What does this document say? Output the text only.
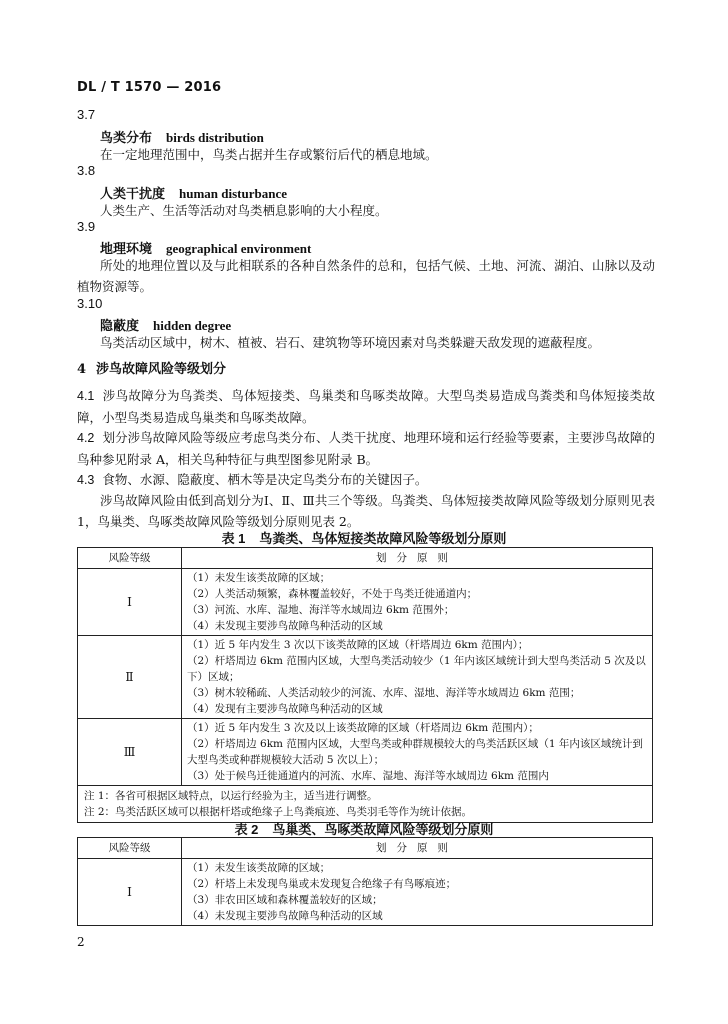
DL / T 1570 — 2016
3.7
鸟类分布 birds distribution
在一定地理范围中，鸟类占据并生存或繁衍后代的栖息地域。
3.8
人类干扰度 human disturbance
人类生产、生活等活动对鸟类栖息影响的大小程度。
3.9
地理环境 geographical environment
所处的地理位置以及与此相联系的各种自然条件的总和，包括气候、土地、河流、湖泊、山脉以及动植物资源等。
3.10
隐蔽度 hidden degree
鸟类活动区域中，树木、植被、岩石、建筑物等环境因素对鸟类躲避天敌发现的遮蔽程度。
4 涉鸟故障风险等级划分
4.1 涉鸟故障分为鸟粪类、鸟体短接类、鸟巢类和鸟啄类故障。大型鸟类易造成鸟粪类和鸟体短接类故障，小型鸟类易造成鸟巢类和鸟啄类故障。
4.2 划分涉鸟故障风险等级应考虑鸟类分布、人类干扰度、地理环境和运行经验等要素，主要涉鸟故障的鸟种参见附录 A，相关鸟种特征与典型图参见附录 B。
4.3 食物、水源、隐蔽度、栖木等是决定鸟类分布的关键因子。
涉鸟故障风险由低到高划分为Ⅰ、Ⅱ、Ⅲ共三个等级。鸟粪类、鸟体短接类故障风险等级划分原则见表 1，鸟巢类、鸟啄类故障风险等级划分原则见表 2。
表 1 鸟粪类、鸟体短接类故障风险等级划分原则
风险等级	划分原则
Ⅰ	（1）未发生该类故障的区域；
（2）人类活动频繁，森林覆盖较好，不处于鸟类迁徙通道内；
（3）河流、水库、湿地、海洋等水域周边 6km 范围外；
（4）未发现主要涉鸟故障鸟种活动的区域

Ⅱ	（1）近 5 年内发生 3 次以下该类故障的区域（杆塔周边 6km 范围内）；
（2）杆塔周边 6km 范围内区域，大型鸟类活动较少（1 年内该区域统计到大型鸟类活动 5 次及以下）区域；
（3）树木较稀疏、人类活动较少的河流、水库、湿地、海洋等水域周边 6km 范围；
（4）发现有主要涉鸟故障鸟种活动的区域

Ⅲ	（1）近 5 年内发生 3 次及以上该类故障的区域（杆塔周边 6km 范围内）；
（2）杆塔周边 6km 范围内区域，大型鸟类或种群规模较大的鸟类活跃区域（1 年内该区域统计到大型鸟类或种群规模较大活动 5 次以上）；
（3）处于候鸟迁徙通道内的河流、水库、湿地、海洋等水域周边 6km 范围内

注 1：各省可根据区域特点，以运行经验为主，适当进行调整。
注 2：鸟类活跃区域可以根据杆塔或绝缘子上鸟粪痕迹、鸟类羽毛等作为统计依据。	
表 2 鸟巢类、鸟啄类故障风险等级划分原则
风险等级	划分原则
Ⅰ	（1）未发生该类故障的区域；
（2）杆塔上未发现鸟巢或未发现复合绝缘子有鸟啄痕迹；
（3）非农田区域和森林覆盖较好的区域；
（4）未发现主要涉鸟故障鸟种活动的区域
2
